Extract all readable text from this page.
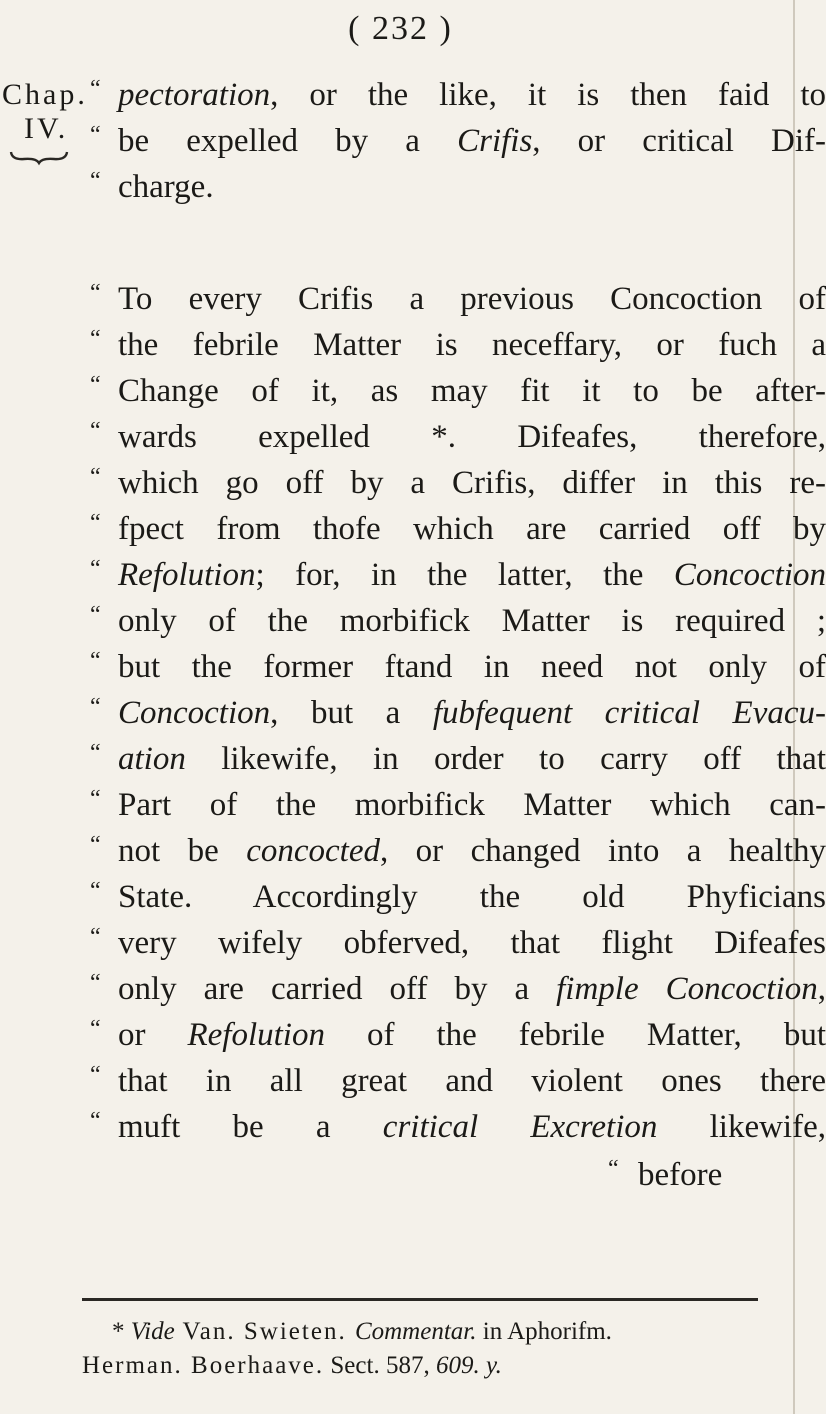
( 232 )
Chap.
IV.
“ pectoration, or the like, it is then faid to
“ be expelled by a Crifis, or critical Dif-
“ charge.
“ To every Crifis a previous Concoction of
“ the febrile Matter is neceffary, or fuch a
“ Change of it, as may fit it to be after-
“ wards expelled *. Difeafes, therefore,
“ which go off by a Crifis, differ in this re-
“ fpect from thofe which are carried off by
“ Refolution; for, in the latter, the Concoction
“ only of the morbifick Matter is required ;
“ but the former ftand in need not only of
“ Concoction, but a fubfequent critical Evacu-
“ ation likewife, in order to carry off that
“ Part of the morbifick Matter which can-
“ not be concocted, or changed into a healthy
“ State. Accordingly the old Phyficians
“ very wifely obferved, that flight Difeafes
“ only are carried off by a fimple Concoction,
“ or Refolution of the febrile Matter, but
“ that in all great and violent ones there
“ muft be a critical Excretion likewife,
“ before
* Vide Van. Swieten. Commentar. in Aphorifm.
Herman. Boerhaave. Sect. 587, 609. y.
